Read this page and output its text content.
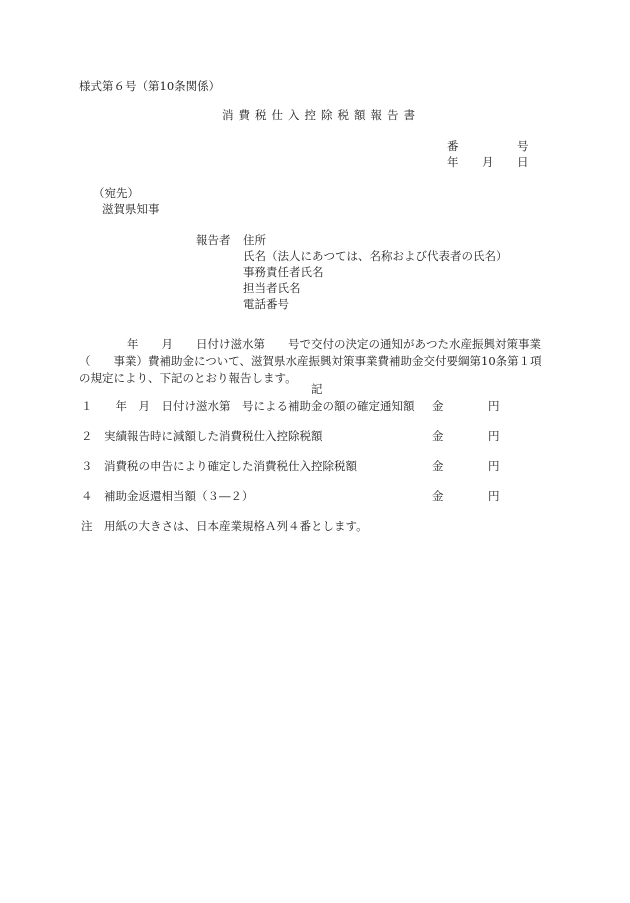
様式第６号（第10条関係）
消費税仕入控除税額報告書
番	号
年 月 日
（宛先）
滋賀県知事
報告者 住所
氏名（法人にあつては、名称および代表者の氏名）
事務責任者氏名
担当者氏名
電話番号
年　　月　　日付け滋水第　　号で交付の決定の通知があつた水産振興対策事業
（　　事業）費補助金について、滋賀県水産振興対策事業費補助金交付要綱第10条第１項
の規定により、下記のとおり報告します。
記
１ 　年　月　日付け滋水第　号による補助金の額の確定通知額 金	円
２ 実績報告時に減額した消費税仕入控除税額	金	円
３ 消費税の申告により確定した消費税仕入控除税額	金	円
４ 補助金返還相当額（３―２）	金	円
注　用紙の大きさは、日本産業規格Ａ列４番とします。
